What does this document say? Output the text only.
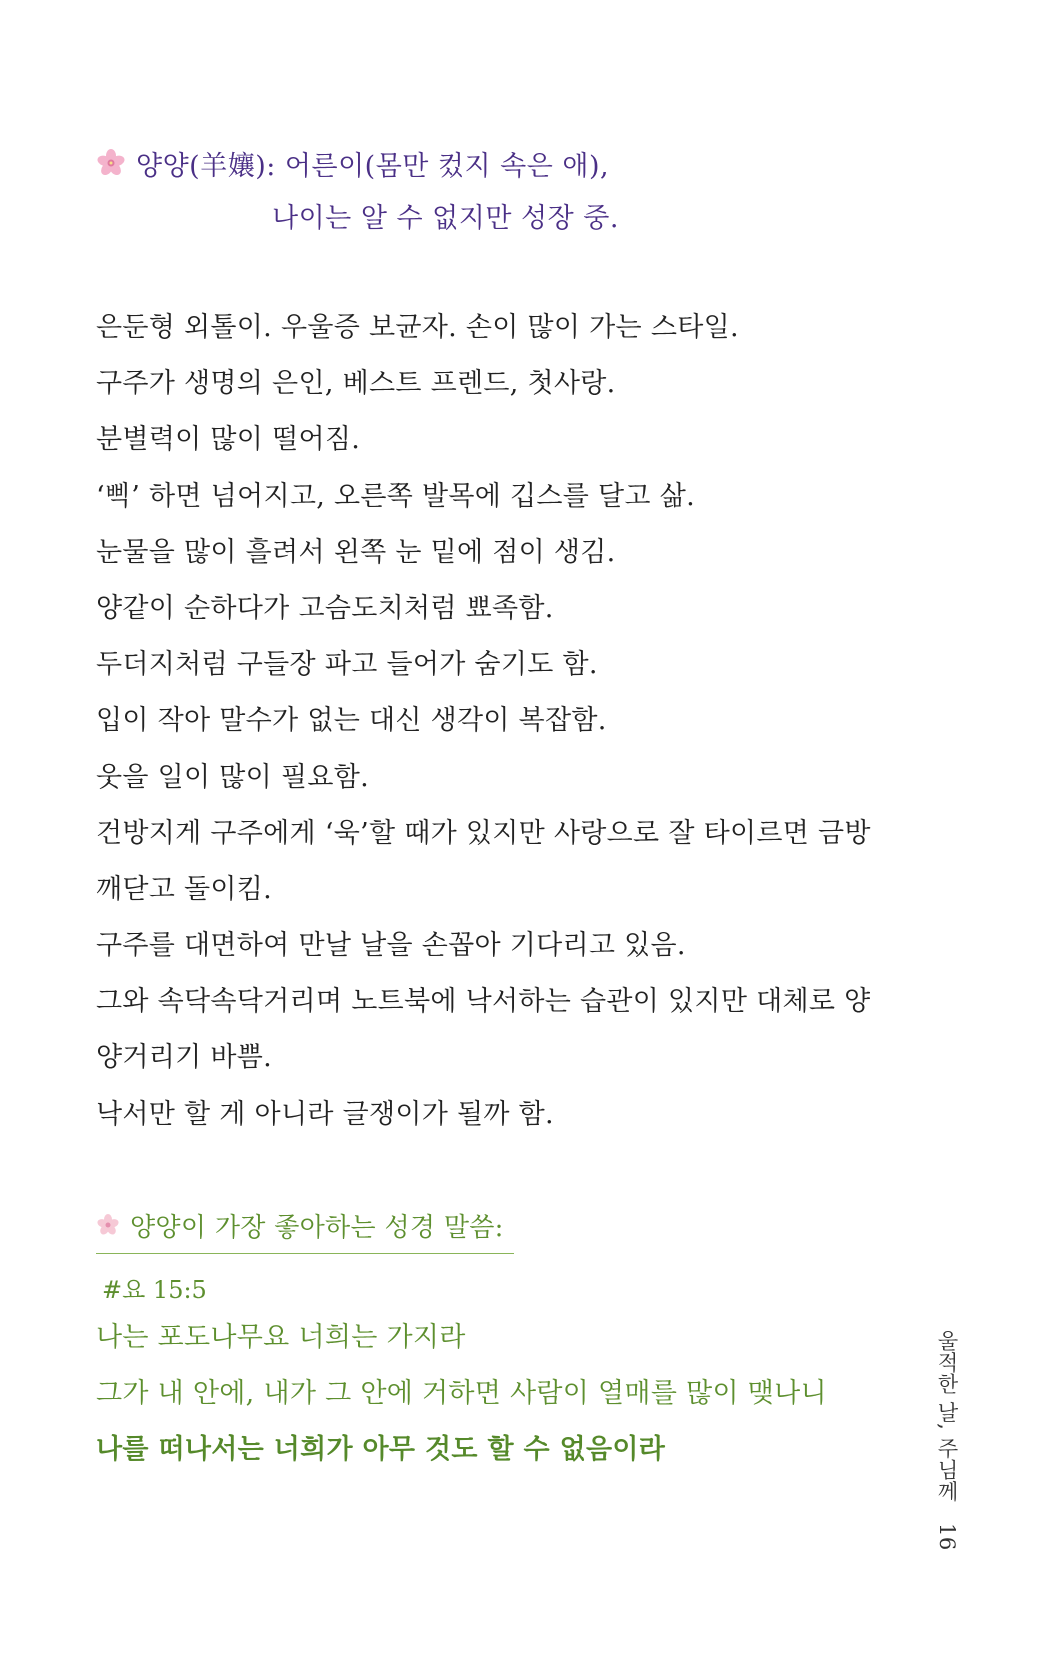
양양(羊孃): 어른이(몸만 컸지 속은 애),
나이는 알 수 없지만 성장 중.

은둔형 외톨이. 우울증 보균자. 손이 많이 가는 스타일.

구주가 생명의 은인, 베스트 프렌드, 첫사랑.

분별력이 많이 떨어짐.

‘삑’ 하면 넘어지고, 오른쪽 발목에 깁스를 달고 삶.

눈물을 많이 흘려서 왼쪽 눈 밑에 점이 생김.

양같이 순하다가 고슴도치처럼 뾰족함.

두더지처럼 구들장 파고 들어가 숨기도 함.

입이 작아 말수가 없는 대신 생각이 복잡함.

웃을 일이 많이 필요함.

건방지게 구주에게 ‘욱’할 때가 있지만 사랑으로 잘 타이르면 금방

깨닫고 돌이킴.

구주를 대면하여 만날 날을 손꼽아 기다리고 있음.

그와 속닥속닥거리며 노트북에 낙서하는 습관이 있지만 대체로 양

양거리기 바쁨.

낙서만 할 게 아니라 글쟁이가 될까 함.

양양이 가장 좋아하는 성경 말씀:
#요 15:5
나는 포도나무요 너희는 가지라
그가 내 안에, 내가 그 안에 거하면 사람이 열매를 많이 맺나니
나를 떠나서는 너희가 아무 것도 할 수 없음이라	울적한 날, 주님께 16
